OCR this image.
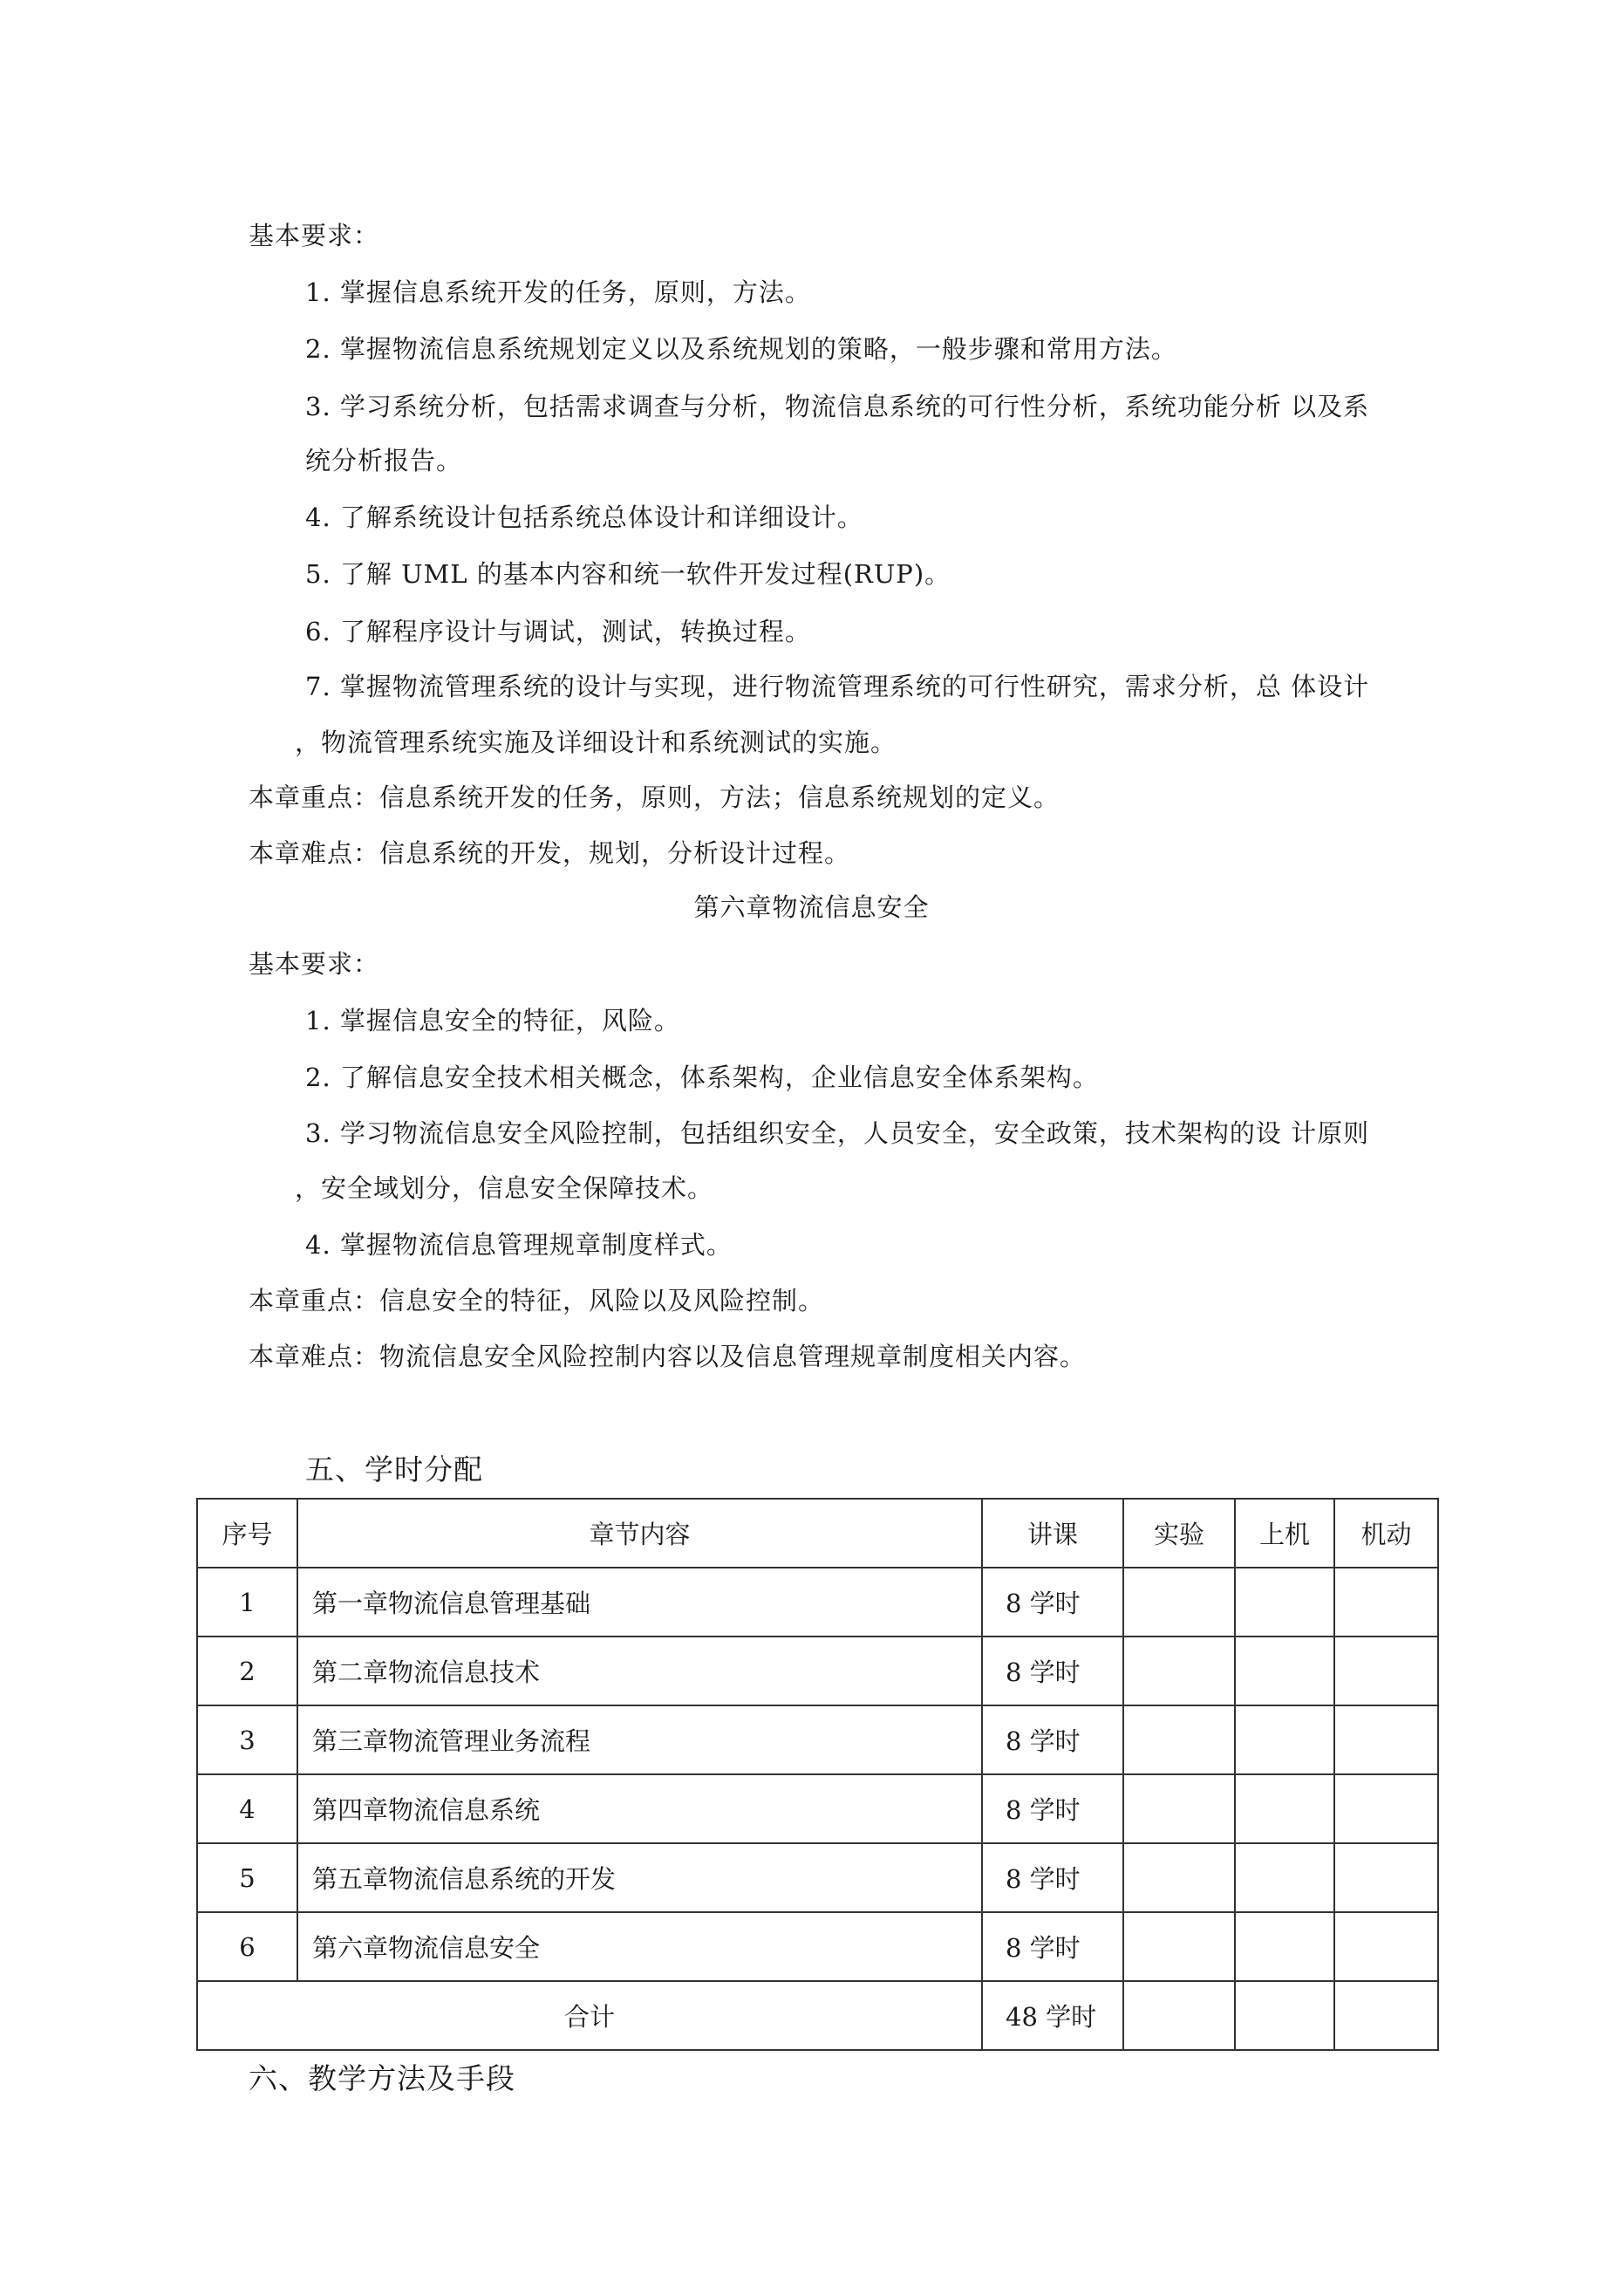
基本要求：
1. 掌握信息系统开发的任务，原则，方法。
2. 掌握物流信息系统规划定义以及系统规划的策略，一般步骤和常用方法。
3. 学习系统分析，包括需求调查与分析，物流信息系统的可行性分析，系统功能分析 以及系
统分析报告。
4. 了解系统设计包括系统总体设计和详细设计。
5. 了解 UML 的基本内容和统一软件开发过程(RUP)。
6. 了解程序设计与调试，测试，转换过程。
7. 掌握物流管理系统的设计与实现，进行物流管理系统的可行性研究，需求分析，总 体设计
，物流管理系统实施及详细设计和系统测试的实施。
本章重点：信息系统开发的任务，原则，方法；信息系统规划的定义。
本章难点：信息系统的开发，规划，分析设计过程。
第六章物流信息安全
基本要求：
1. 掌握信息安全的特征，风险。
2. 了解信息安全技术相关概念，体系架构，企业信息安全体系架构。
3. 学习物流信息安全风险控制，包括组织安全，人员安全，安全政策，技术架构的设 计原则
，安全域划分，信息安全保障技术。
4. 掌握物流信息管理规章制度样式。
本章重点：信息安全的特征，风险以及风险控制。
本章难点：物流信息安全风险控制内容以及信息管理规章制度相关内容。
五、学时分配
序号	章节内容	讲课	实验	上机	机动
1	第一章物流信息管理基础	8 学时			
2	第二章物流信息技术	8 学时			
3	第三章物流管理业务流程	8 学时			
4	第四章物流信息系统	8 学时			
5	第五章物流信息系统的开发	8 学时			
6	第六章物流信息安全	8 学时			
合计		48 学时			
六、教学方法及手段
